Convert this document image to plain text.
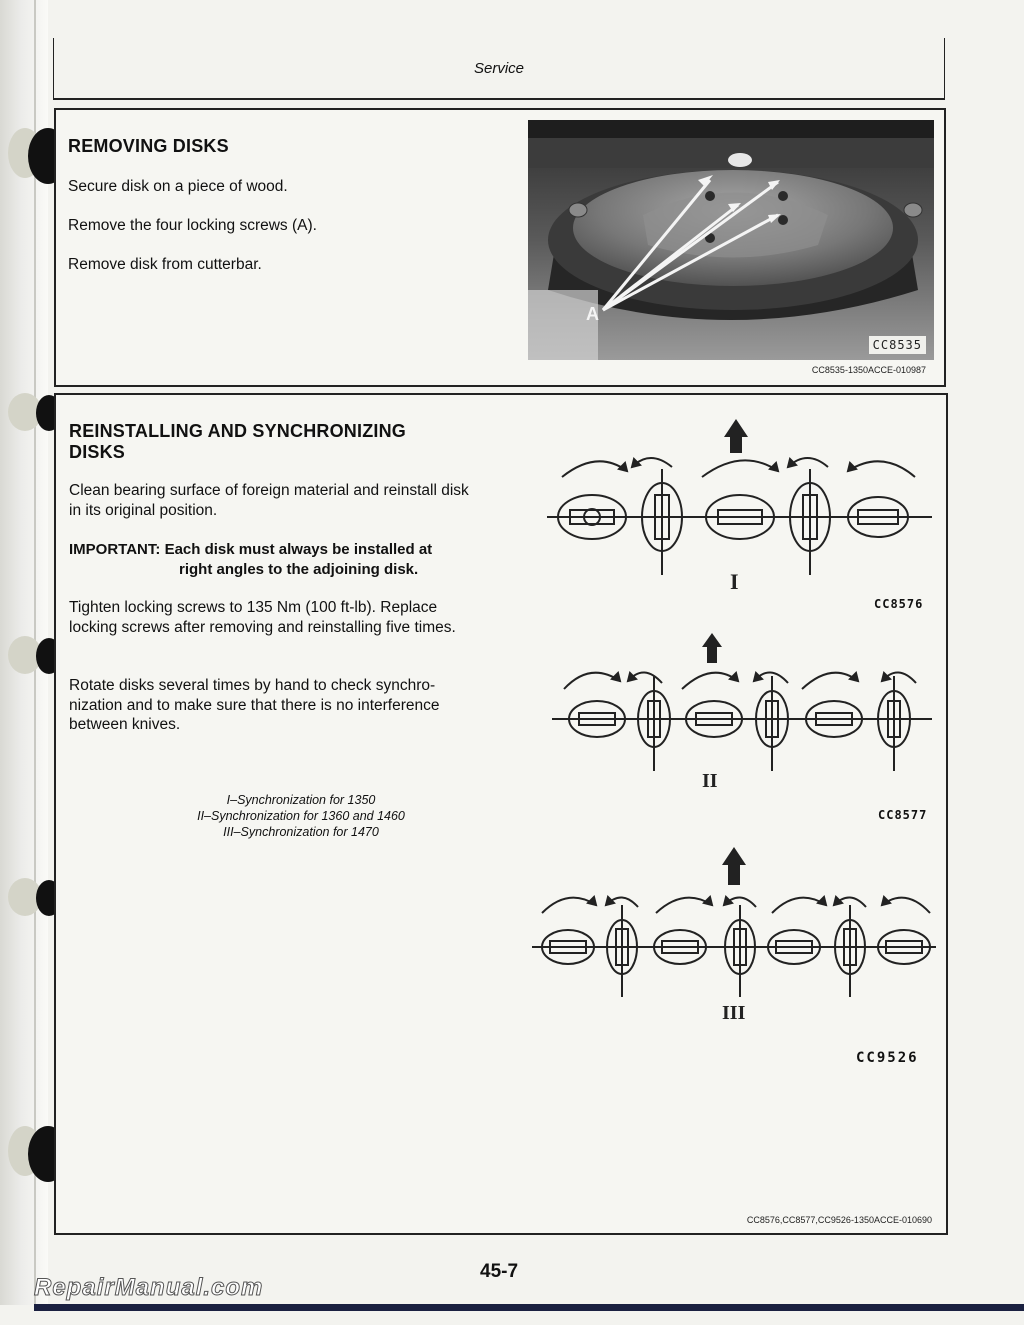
Service
REMOVING DISKS
Secure disk on a piece of wood.
Remove the four locking screws (A).
Remove disk from cutterbar.
A
CC8535
CC8535-1350ACCE-010987
REINSTALLING AND SYNCHRONIZING
DISKS
Clean bearing surface of foreign material and reinstall disk in its original position.
IMPORTANT: Each disk must always be installed at
right angles to the adjoining disk.
Tighten locking screws to 135 Nm (100 ft-lb). Replace locking screws after removing and reinstalling five times.
Rotate disks several times by hand to check synchro-nization and to make sure that there is no interference between knives.
I–Synchronization for 1350
II–Synchronization for 1360 and 1460
III–Synchronization for 1470
I
CC8576
II
CC8577
III
CC9526
CC8576,CC8577,CC9526-1350ACCE-010690
45-7
RepairManual.com
